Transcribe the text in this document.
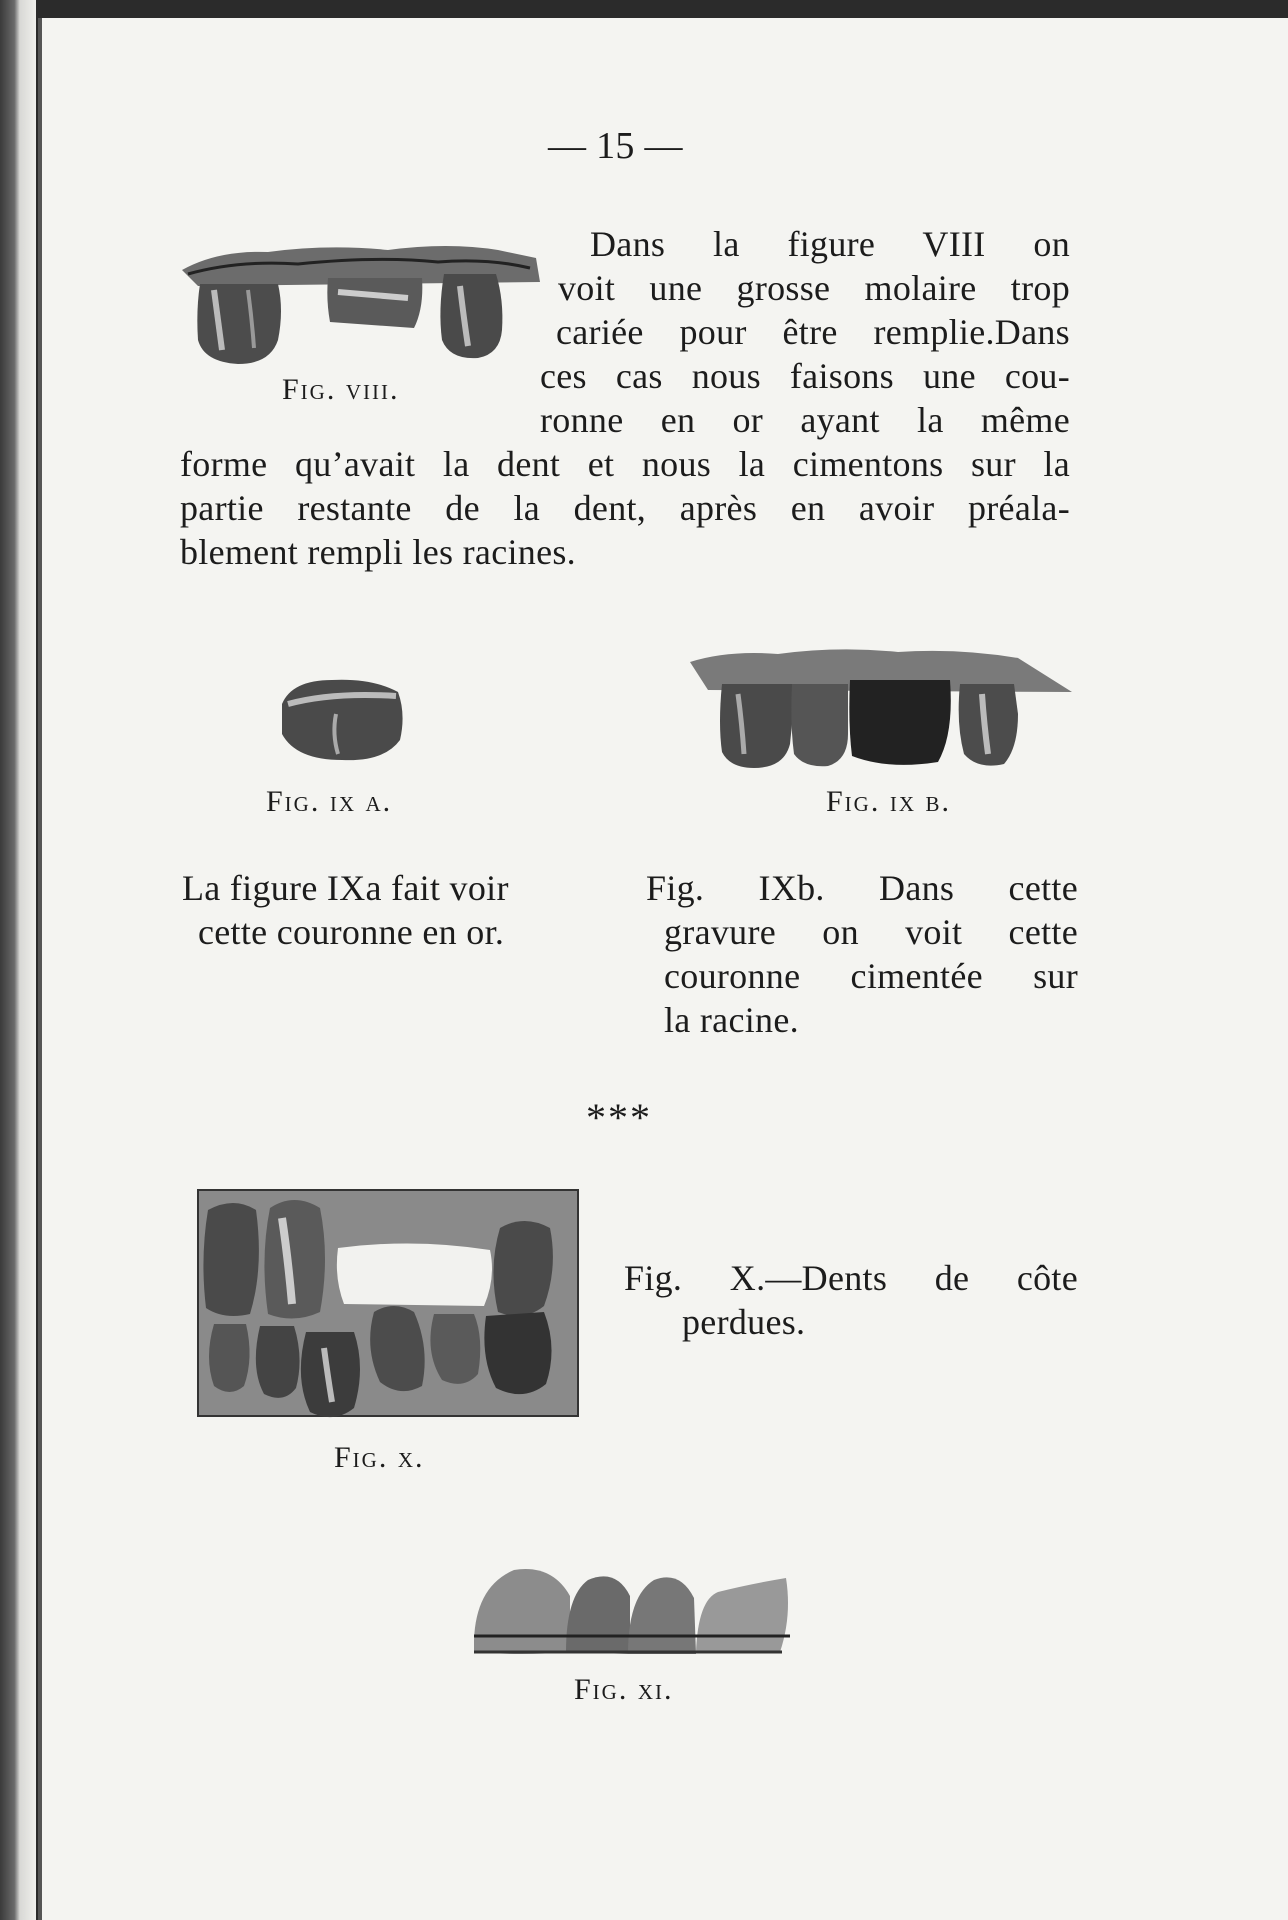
— 15 —
Fig. viii.
Dans la figure VIII on
voit une grosse molaire trop
cariée pour être remplie.Dans
ces cas nous faisons une cou-
ronne en or ayant la même
forme qu’avait la dent et nous la cimentons sur la
partie restante de la dent, après en avoir préala-
blement rempli les racines.
Fig. ix a.	Fig. ix b.
La figure IXa fait voir
cette couronne en or.
Fig. IXb. Dans cette
gravure on voit cette
couronne cimentée sur
la racine.
***
Fig. x.
Fig. X.—Dents de côte
perdues.
Fig. xi.
